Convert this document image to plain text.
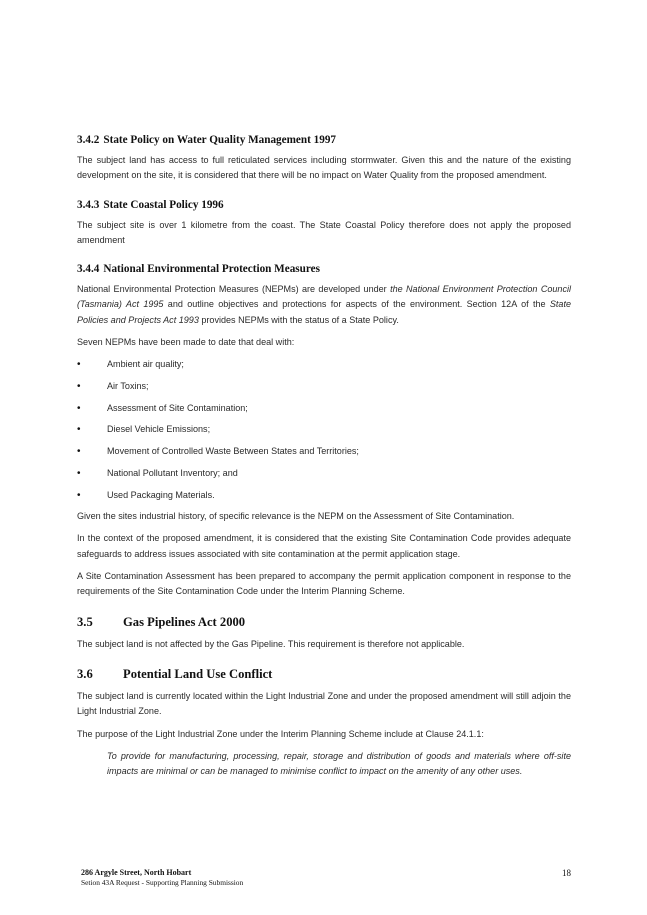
3.4.2 State Policy on Water Quality Management 1997

The subject land has access to full reticulated services including stormwater. Given this and the nature of the existing development on the site, it is considered that there will be no impact on Water Quality from the proposed amendment.

3.4.3 State Coastal Policy 1996

The subject site is over 1 kilometre from the coast. The State Coastal Policy therefore does not apply the proposed amendment

3.4.4 National Environmental Protection Measures

National Environmental Protection Measures (NEPMs) are developed under the National Environment Protection Council (Tasmania) Act 1995 and outline objectives and protections for aspects of the environment. Section 12A of the State Policies and Projects Act 1993 provides NEPMs with the status of a State Policy.

Seven NEPMs have been made to date that deal with:

•	Ambient air quality;
•	Air Toxins;
•	Assessment of Site Contamination;
•	Diesel Vehicle Emissions;
•	Movement of Controlled Waste Between States and Territories;
•	National Pollutant Inventory; and
•	Used Packaging Materials.

Given the sites industrial history, of specific relevance is the NEPM on the Assessment of Site Contamination.

In the context of the proposed amendment, it is considered that the existing Site Contamination Code provides adequate safeguards to address issues associated with site contamination at the permit application stage.

A Site Contamination Assessment has been prepared to accompany the permit application component in response to the requirements of the Site Contamination Code under the Interim Planning Scheme.

3.5 Gas Pipelines Act 2000

The subject land is not affected by the Gas Pipeline. This requirement is therefore not applicable.

3.6 Potential Land Use Conflict

The subject land is currently located within the Light Industrial Zone and under the proposed amendment will still adjoin the Light Industrial Zone.

The purpose of the Light Industrial Zone under the Interim Planning Scheme include at Clause 24.1.1:

To provide for manufacturing, processing, repair, storage and distribution of goods and materials where off-site impacts are minimal or can be managed to minimise conflict to impact on the amenity of any other uses.
286 Argyle Street, North Hobart
Setion 43A Request - Supporting Planning Submission
18
